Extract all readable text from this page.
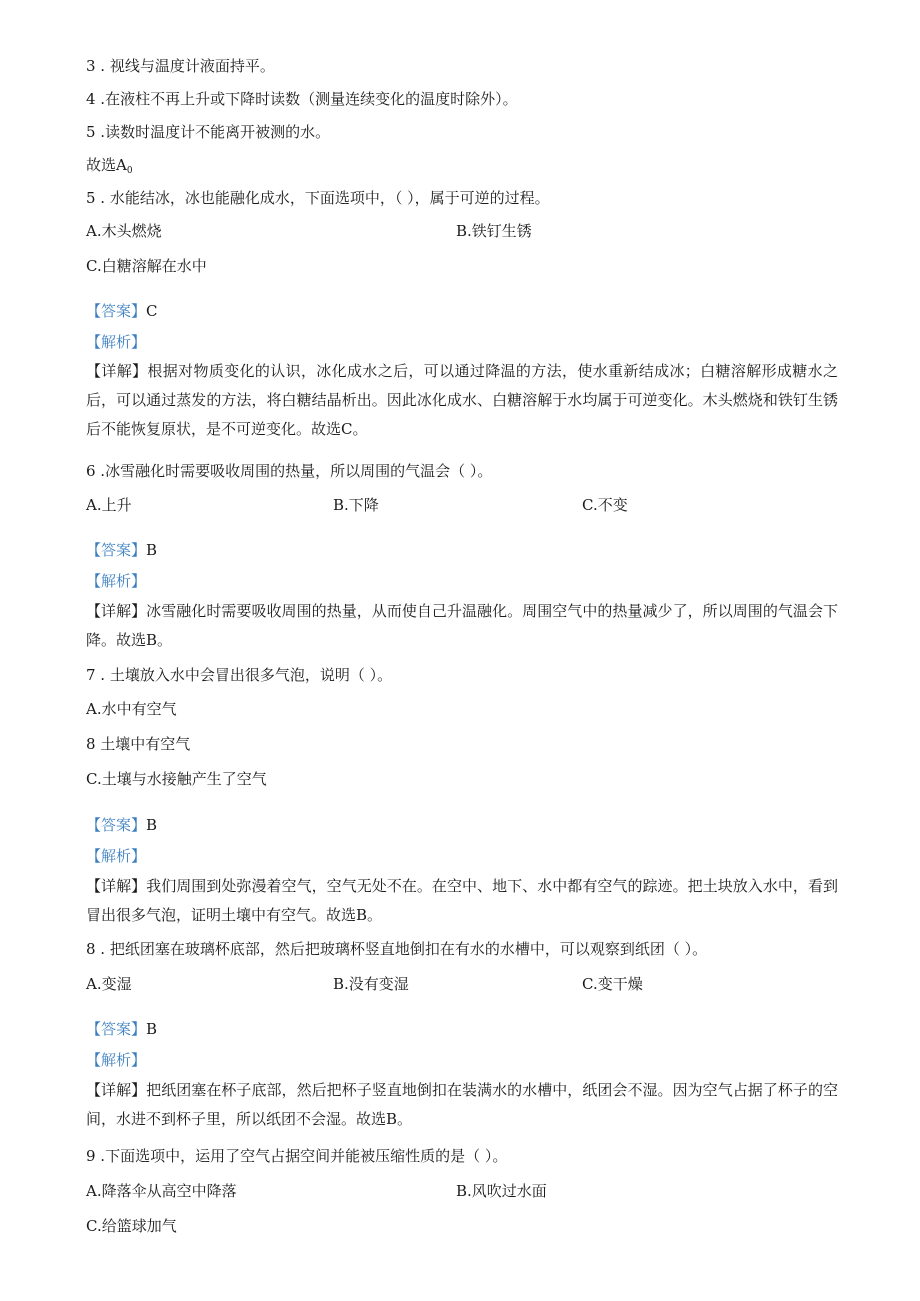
3 . 视线与温度计液面持平。
4 .在液柱不再上升或下降时读数（测量连续变化的温度时除外）。
5 .读数时温度计不能离开被测的水。
故选$A_0$
5 . 水能结冰，冰也能融化成水，下面选项中，（ ），属于可逆的过程。
A.木头燃烧	B.铁钉生锈
C.白糖溶解在水中
【答案】C
【解析】
【详解】根据对物质变化的认识，冰化成水之后，可以通过降温的方法，使水重新结成冰；白糖溶解形成糖水之后，可以通过蒸发的方法，将白糖结晶析出。因此冰化成水、白糖溶解于水均属于可逆变化。木头燃烧和铁钉生锈后不能恢复原状，是不可逆变化。故选C。
6 .冰雪融化时需要吸收周围的热量，所以周围的气温会（ ）。
A.上升	B.下降	C.不变
【答案】B
【解析】
【详解】冰雪融化时需要吸收周围的热量，从而使自己升温融化。周围空气中的热量减少了，所以周围的气温会下降。故选B。
7 . 土壤放入水中会冒出很多气泡，说明（ ）。
A.水中有空气
8 土壤中有空气
C.土壤与水接触产生了空气
【答案】B
【解析】
【详解】我们周围到处弥漫着空气，空气无处不在。在空中、地下、水中都有空气的踪迹。把土块放入水中，看到冒出很多气泡，证明土壤中有空气。故选B。
8 . 把纸团塞在玻璃杯底部，然后把玻璃杯竖直地倒扣在有水的水槽中，可以观察到纸团（ ）。
A.变湿	B.没有变湿	C.变干燥
【答案】B
【解析】
【详解】把纸团塞在杯子底部，然后把杯子竖直地倒扣在装满水的水槽中，纸团会不湿。因为空气占据了杯子的空间，水进不到杯子里，所以纸团不会湿。故选B。
9 .下面选项中，运用了空气占据空间并能被压缩性质的是（ ）。
A.降落伞从高空中降落	B.风吹过水面
C.给篮球加气
